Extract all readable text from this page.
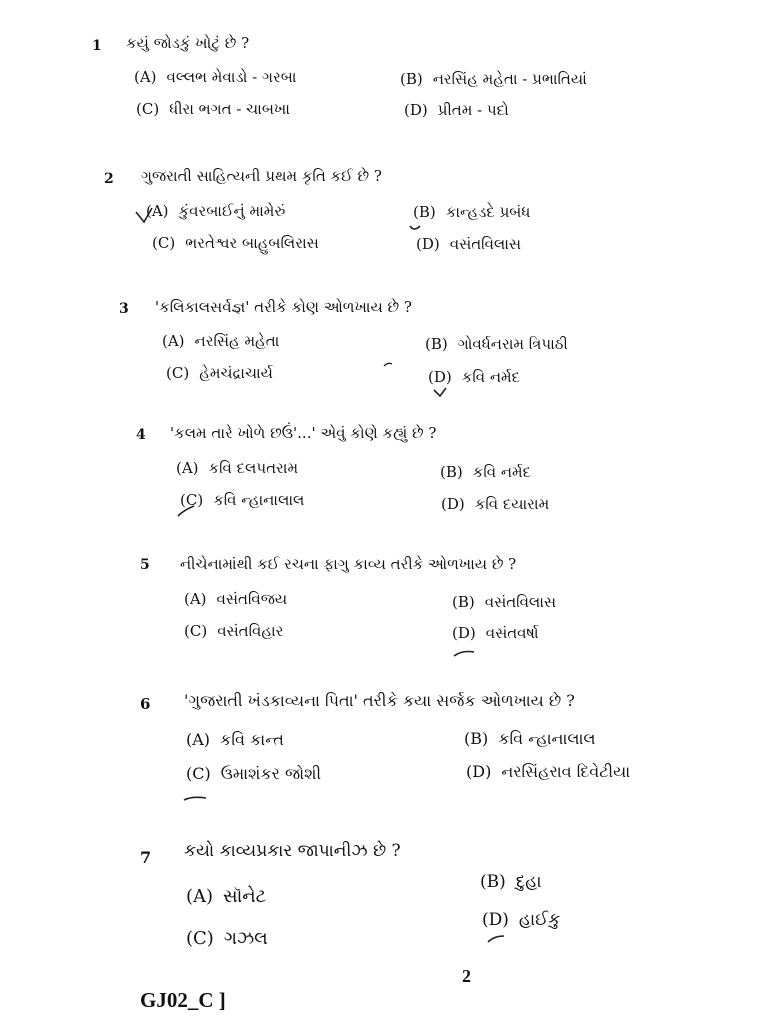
1 કયું જોડકું ખોટું છે ?
(A) વલ્લભ મેવાડો - ગરબા	(B) નરસિંહ મહેતા - પ્રભાતિયાં
(C) ધીરા ભગત - ચાબખા	(D) પ્રીતમ - પદો
2 ગુજરાતી સાહિત્યની પ્રથમ કૃતિ કઈ છે ?
(A) કુંવરબાઈનું મામેરું	(B) કાન્હડદે પ્રબંધ
(C) ભરતેશ્વર બાહુબલિરાસ	(D) વસંતવિલાસ
3 'કલિકાલસર્વજ્ઞ' તરીકે કોણ ઓળખાય છે ?
(A) નરસિંહ મહેતા	(B) ગોવર્ધનરામ ત્રિપાઠી
(C) હેમચંદ્રાચાર્ય	(D) કવિ નર્મદ
4 'કલમ તારે ખોળે છઉં'...' એવું કોણે કહ્યું છે ?
(A) કવિ દલપતરામ	(B) કવિ નર્મદ
(C) કવિ ન્હાનાલાલ	(D) કવિ દયારામ
5 નીચેનામાંથી કઈ રચના ફાગુ કાવ્ય તરીકે ઓળખાય છે ?
(A) વસંતવિજય	(B) વસંતવિલાસ
(C) વસંતવિહાર	(D) વસંતવર્ષા
6 'ગુજરાતી ખંડકાવ્યના પિતા' તરીકે કયા સર્જક ઓળખાય છે ?
(A) કવિ કાન્ત	(B) કવિ ન્હાનાલાલ
(C) ઉમાશંકર જોશી	(D) નરસિંહરાવ દિવેટીયા
7 કયો કાવ્યપ્રકાર જાપાનીઝ છે ?
(A) સૉનેટ
(B) દુહા
(C) ગઝલ
(D) હાઈકુ
2
GJ02_C ]
